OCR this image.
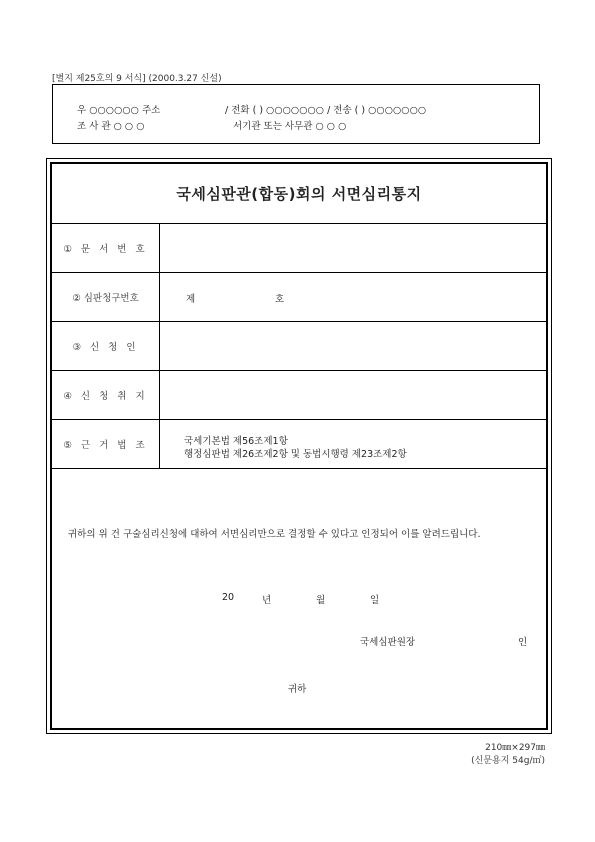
[별지 제25호의 9 서식] (2000.3.27 신설)
우 ○○○○○○ 주소	/ 전화 ( ) ○○○○○○○ / 전송 ( ) ○○○○○○○
조 사 관 ○ ○ ○	서기관 또는 사무관 ○ ○ ○
국세심판관(합동)회의 서면심리통지
① 문 서 번 호
② 심판청구번호	제	호
③ 신 청 인
④ 신 청 취 지
⑤ 근 거 법 조	국세기본법 제56조제1항
행정심판법 제26조제2항 및 동법시행령 제23조제2항
귀하의 위 건 구술심리신청에 대하여 서면심리만으로 결정할 수 있다고 인정되어 이를 알려드립니다.
20	년	월	일
국세심판원장	인
귀하
210㎜×297㎜
(신문용지 54g/㎡)
